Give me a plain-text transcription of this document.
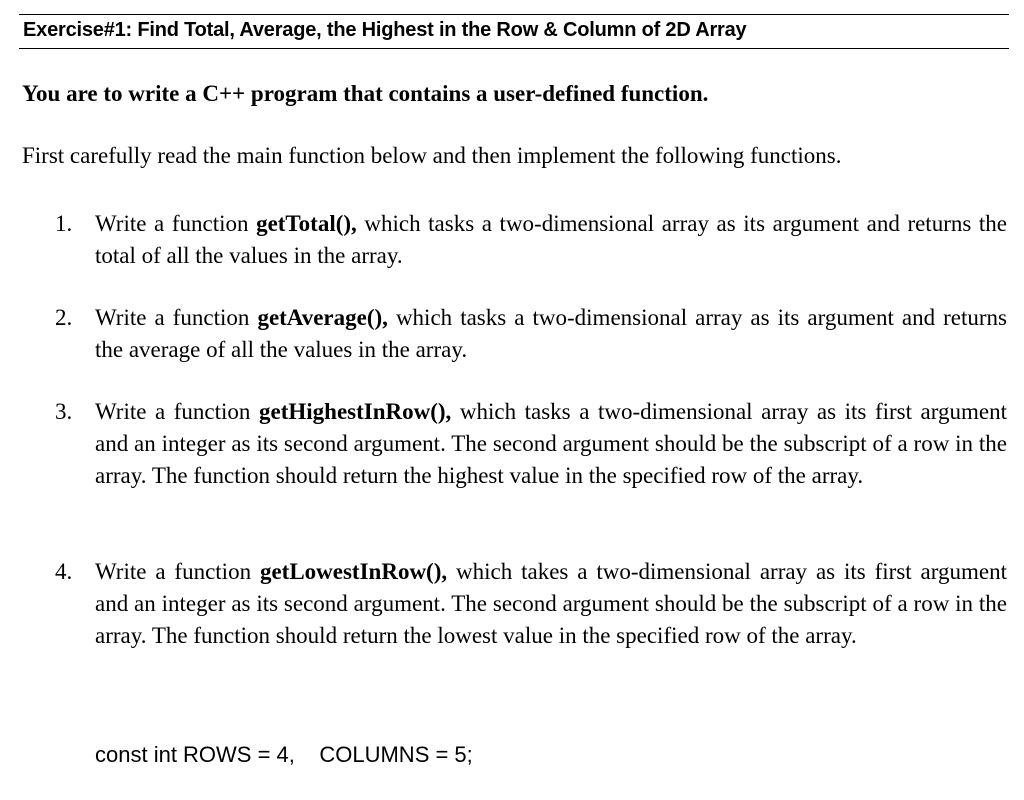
Exercise#1: Find Total, Average, the Highest in the Row & Column of 2D Array
You are to write a C++ program that contains a user-defined function.
First carefully read the main function below and then implement the following functions.
1. Write a function getTotal(), which tasks a two-dimensional array as its argument and returns the total of all the values in the array.
2. Write a function getAverage(), which tasks a two-dimensional array as its argument and returns the average of all the values in the array.
3. Write a function getHighestInRow(), which tasks a two-dimensional array as its first argument and an integer as its second argument. The second argument should be the subscript of a row in the array. The function should return the highest value in the specified row of the array.
4. Write a function getLowestInRow(), which takes a two-dimensional array as its first argument and an integer as its second argument. The second argument should be the subscript of a row in the array. The function should return the lowest value in the specified row of the array.
const int ROWS = 4,    COLUMNS = 5;
